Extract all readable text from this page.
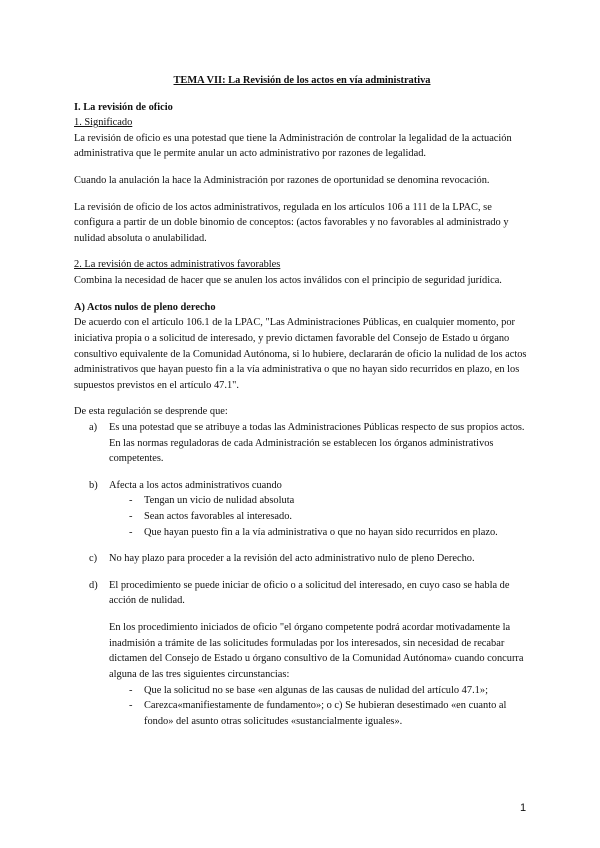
TEMA VII: La Revisión de los actos en vía administrativa

I. La revisión de oficio

1. Significado

La revisión de oficio es una potestad que tiene la Administración de controlar la legalidad de la actuación administrativa que le permite anular un acto administrativo por razones de legalidad.

Cuando la anulación la hace la Administración por razones de oportunidad se denomina revocación.

La revisión de oficio de los actos administrativos, regulada en los artículos 106 a 111 de la LPAC, se configura a partir de un doble binomio de conceptos: (actos favorables y no favorables al administrado y nulidad absoluta o anulabilidad.

2. La revisión de actos administrativos favorables

Combina la necesidad de hacer que se anulen los actos inválidos con el principio de seguridad jurídica.

A) Actos nulos de pleno derecho

De acuerdo con el artículo 106.1 de la LPAC, "Las Administraciones Públicas, en cualquier momento, por iniciativa propia o a solicitud de interesado, y previo dictamen favorable del Consejo de Estado u órgano consultivo equivalente de la Comunidad Autónoma, si lo hubiere, declararán de oficio la nulidad de los actos administrativos que hayan puesto fin a la vía administrativa o que no hayan sido recurridos en plazo, en los supuestos previstos en el artículo 47.1".

De esta regulación se desprende que:

a) Es una potestad que se atribuye a todas las Administraciones Públicas respecto de sus propios actos. En las normas reguladoras de cada Administración se establecen los órganos administrativos competentes.
b) Afecta a los actos administrativos cuando
- Tengan un vicio de nulidad absoluta
- Sean actos favorables al interesado.
- Que hayan puesto fin a la vía administrativa o que no hayan sido recurridos en plazo.
c) No hay plazo para proceder a la revisión del acto administrativo nulo de pleno Derecho.
d) El procedimiento se puede iniciar de oficio o a solicitud del interesado, en cuyo caso se habla de acción de nulidad.

En los procedimiento iniciados de oficio "el órgano competente podrá acordar motivadamente la inadmisión a trámite de las solicitudes formuladas por los interesados, sin necesidad de recabar dictamen del Consejo de Estado u órgano consultivo de la Comunidad Autónoma» cuando concurra alguna de las tres siguientes circunstancias:

- Que la solicitud no se base «en algunas de las causas de nulidad del artículo 47.1»;
- Carezca«manifiestamente de fundamento»; o c) Se hubieran desestimado «en cuanto al fondo» del asunto otras solicitudes «sustancialmente iguales».
1
